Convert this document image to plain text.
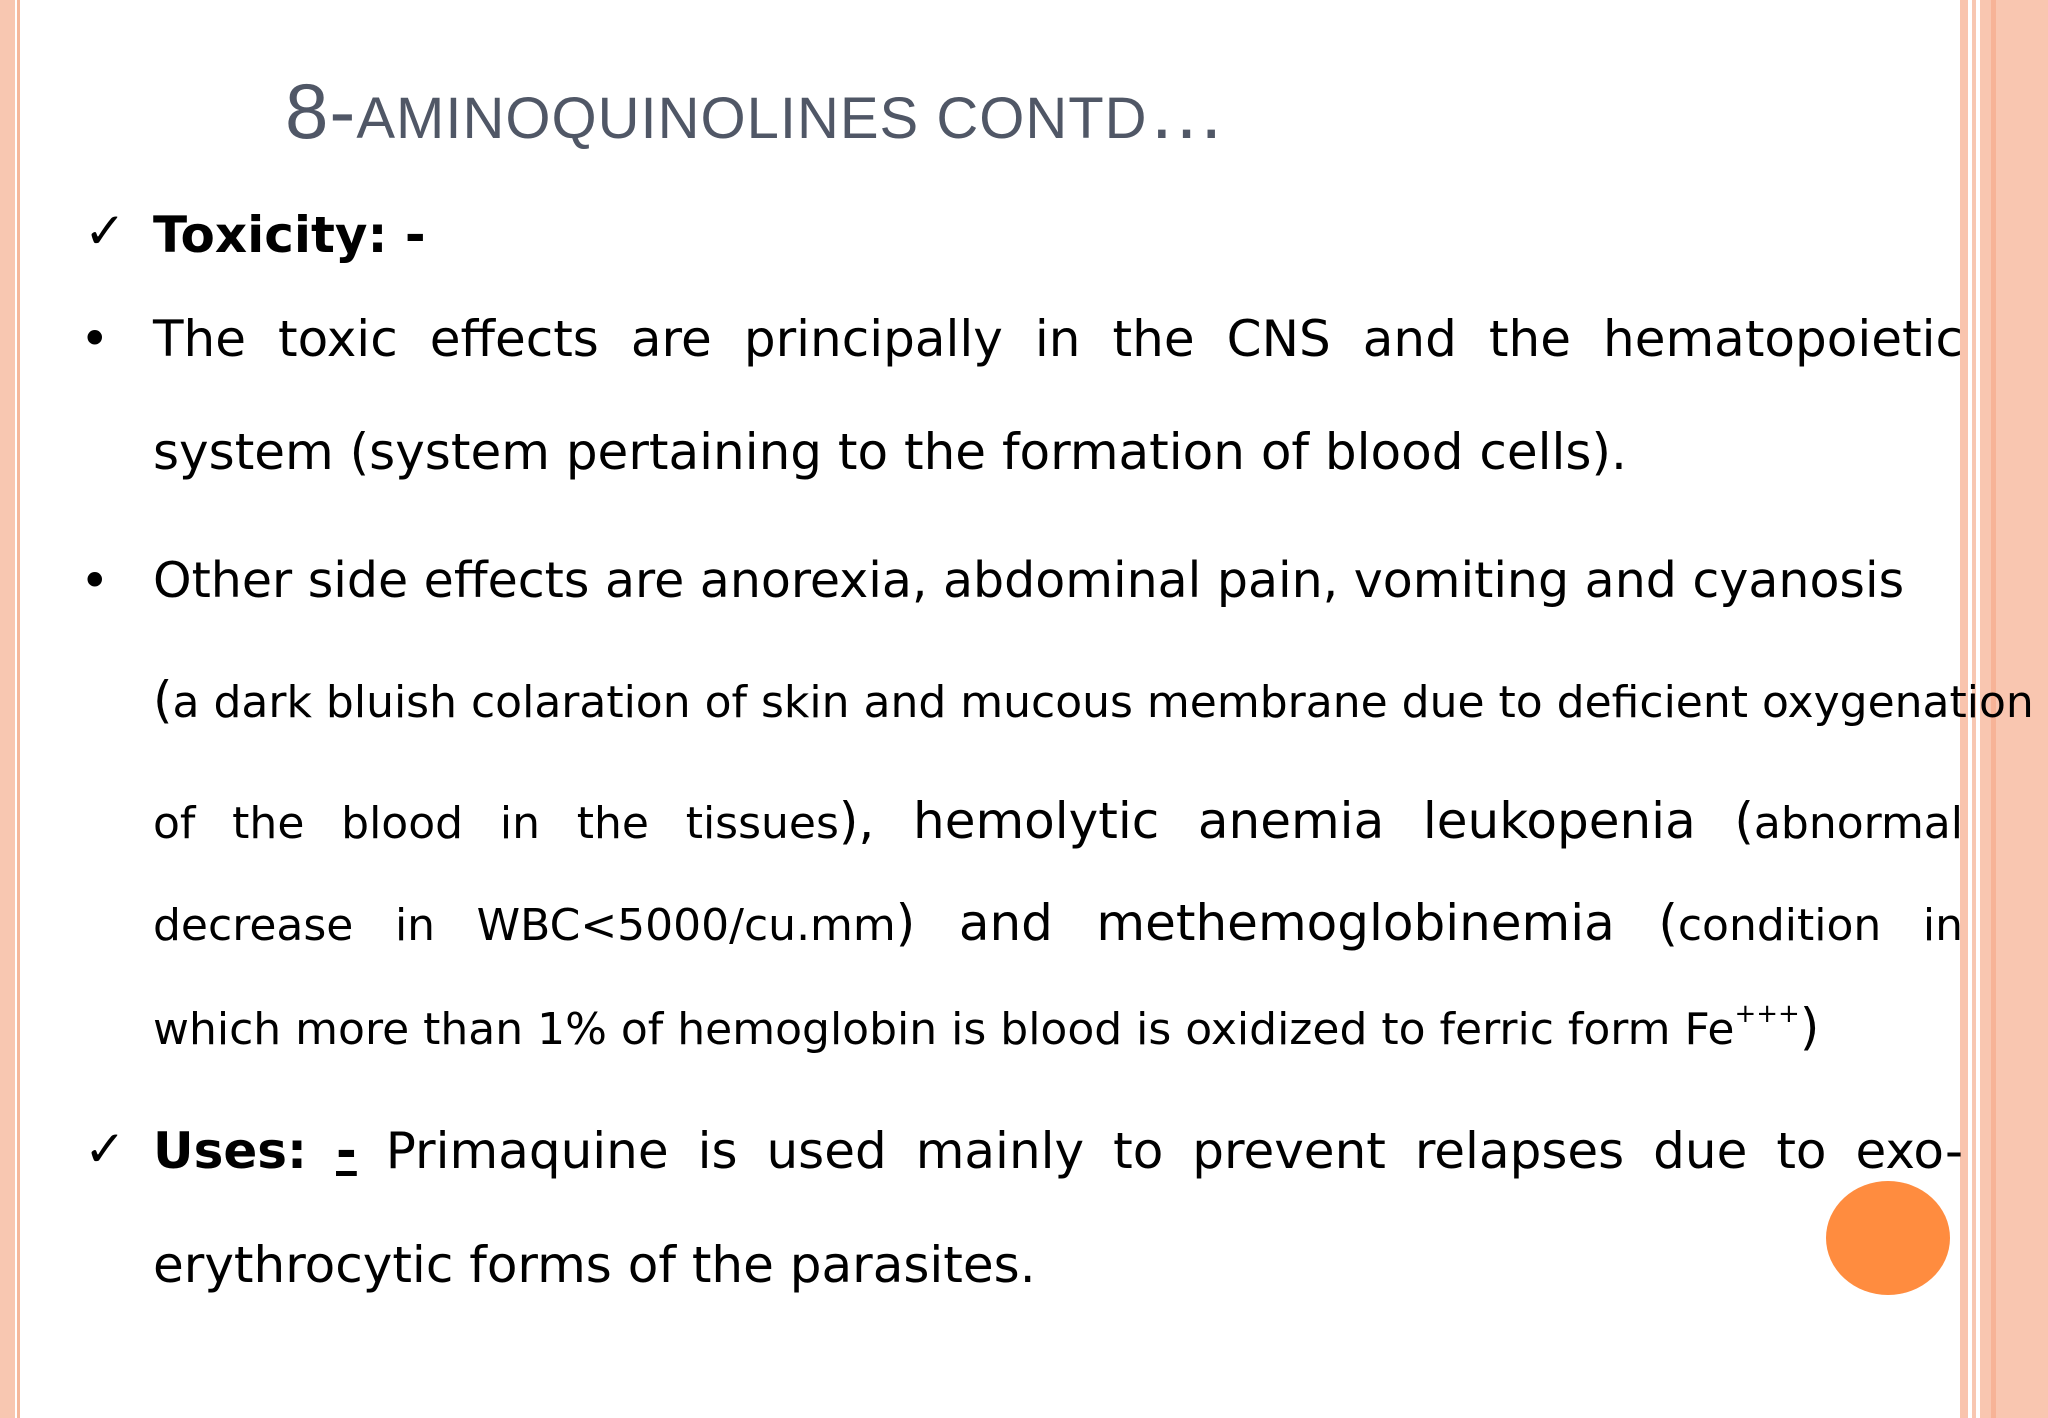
8-AMINOQUINOLINES CONTD…
✓ Toxicity: -

• The toxic effects are principally in the CNS and the hematopoietic

system (system pertaining to the formation of blood cells).

• Other side effects are anorexia, abdominal pain, vomiting and cyanosis

(a dark bluish colaration of skin and mucous membrane due to deficient oxygenation

of the blood in the tissues), hemolytic anemia leukopenia (abnormal

decrease in WBC<5000/cu.mm) and methemoglobinemia (condition in

which more than 1% of hemoglobin is blood is oxidized to ferric form Fe+++)

✓ Uses: - Primaquine is used mainly to prevent relapses due to exo-

erythrocytic forms of the parasites.
